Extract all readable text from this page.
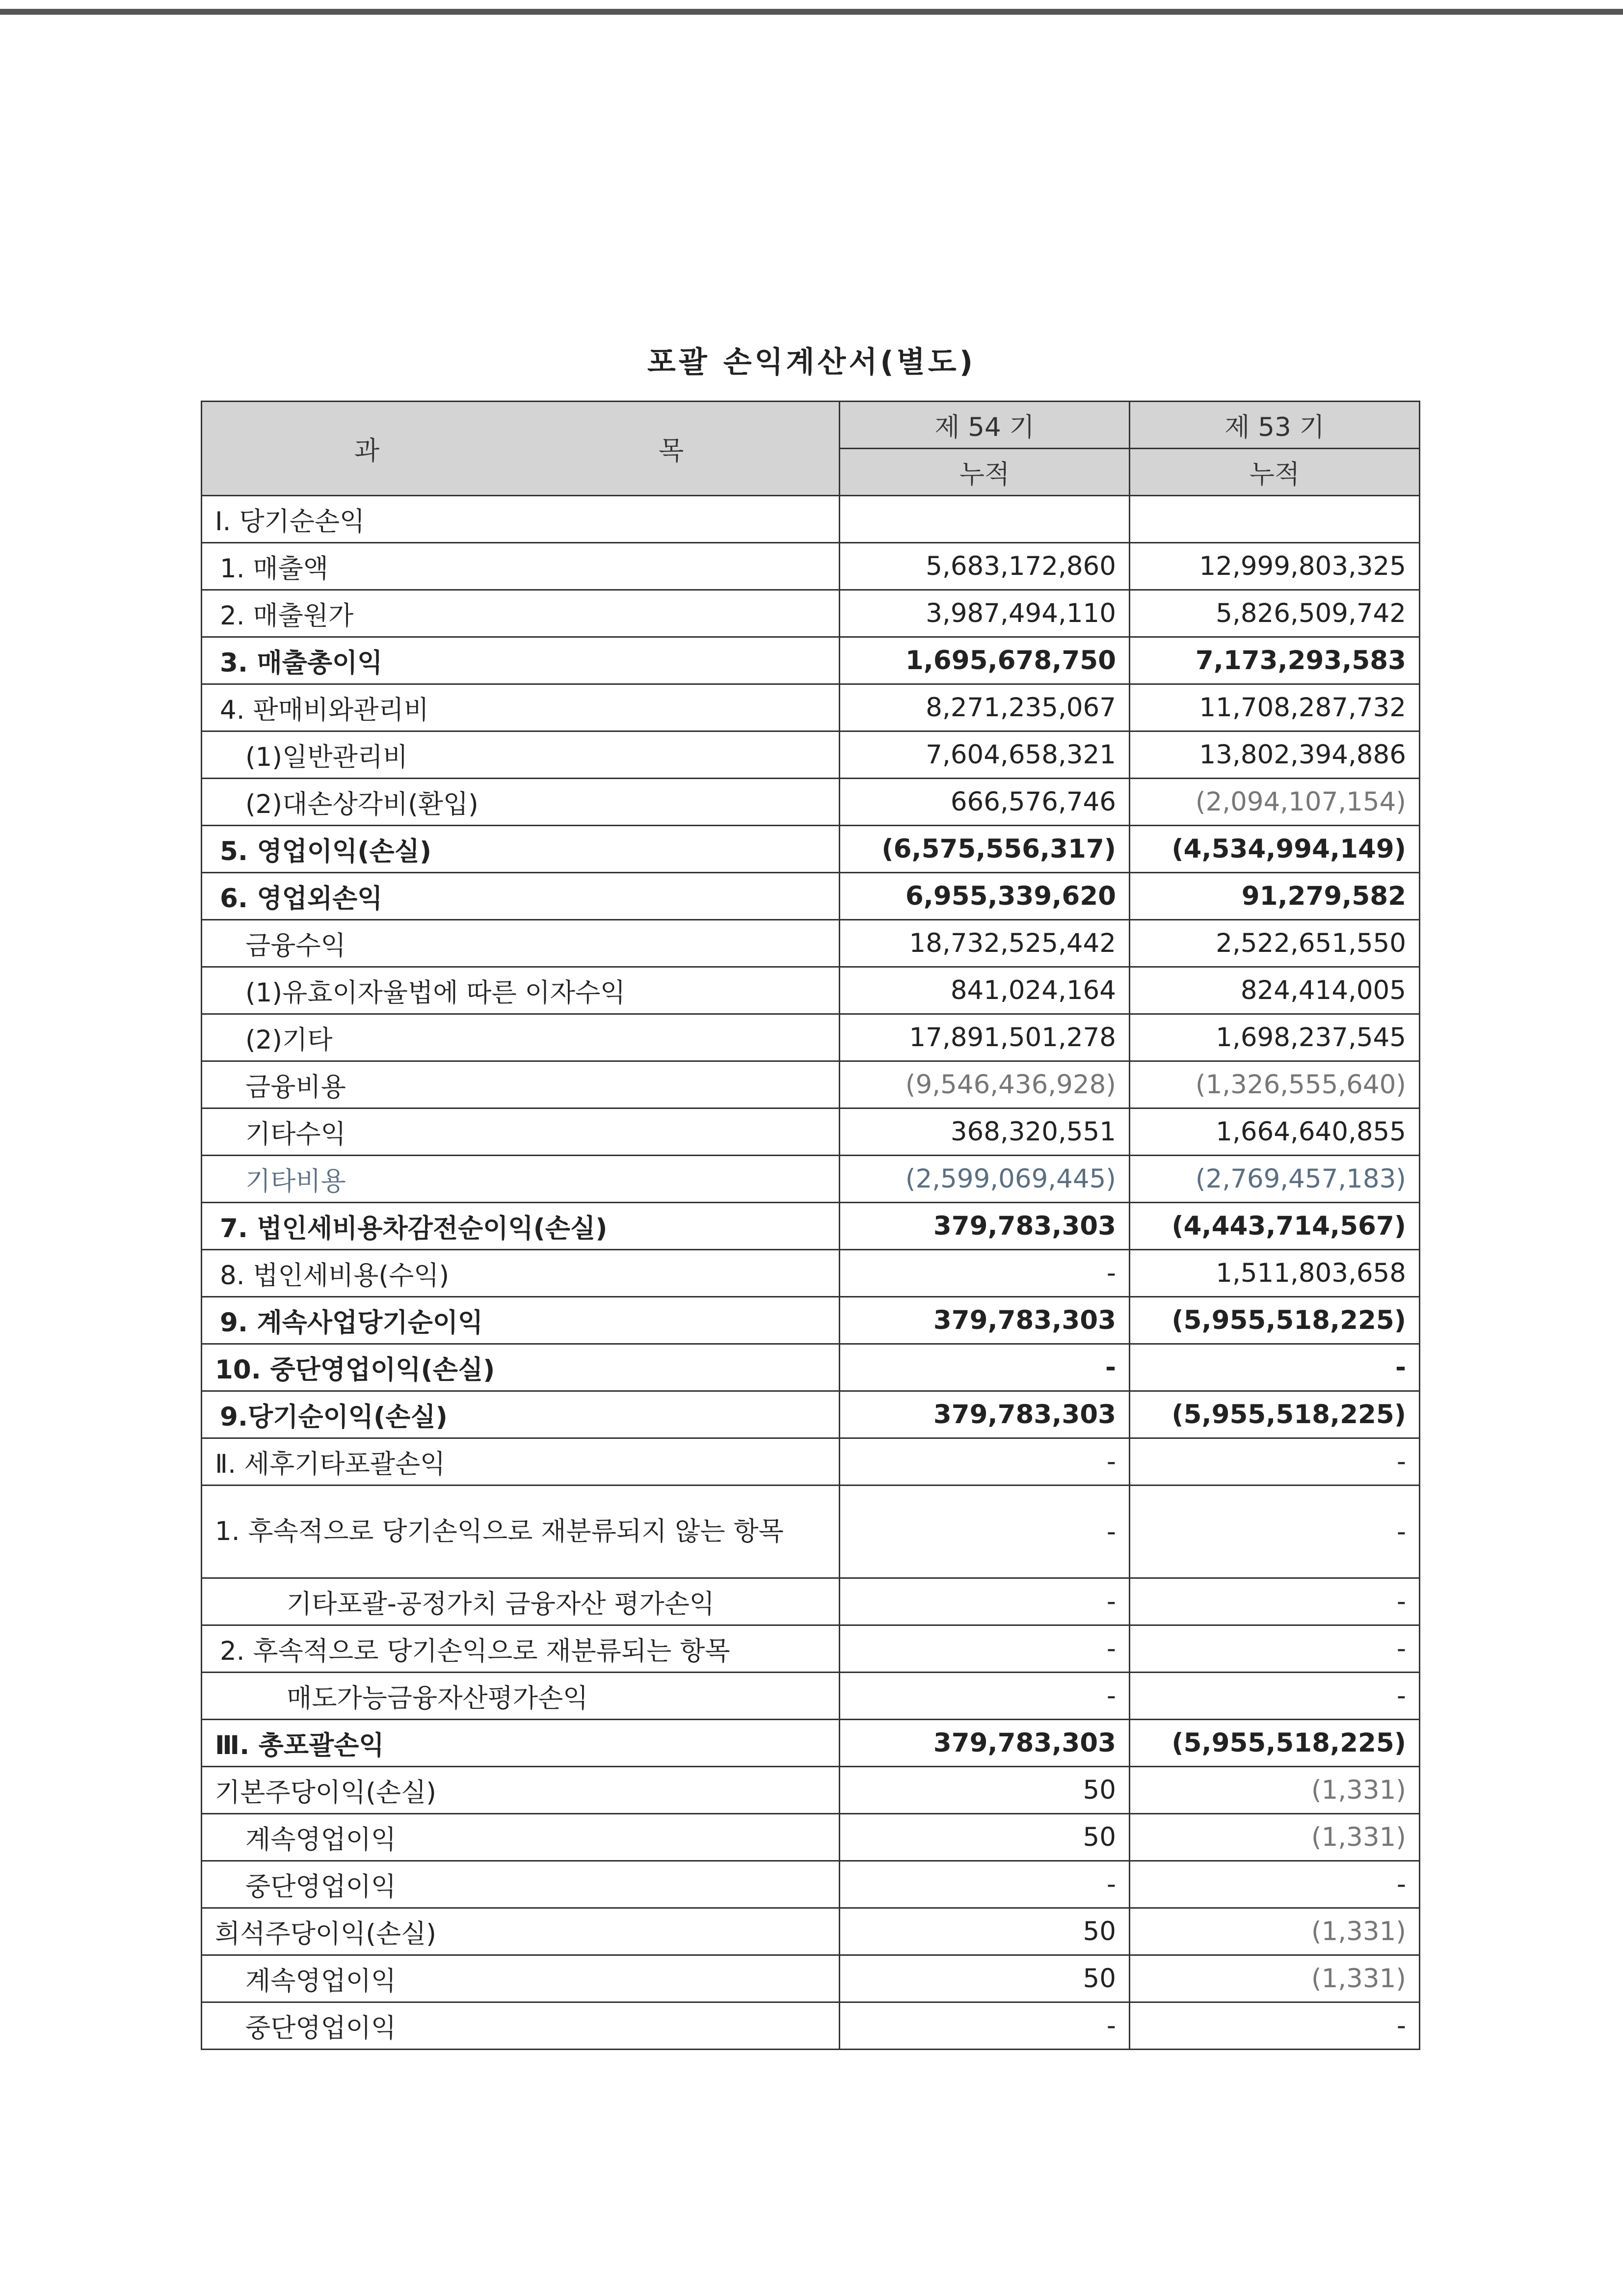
포괄 손익계산서(별도)
과 목	제 54 기	제 53 기
	누적	누적
Ⅰ. 당기순손익		
1. 매출액	5,683,172,860	12,999,803,325
2. 매출원가	3,987,494,110	5,826,509,742
3. 매출총이익	1,695,678,750	7,173,293,583
4. 판매비와관리비	8,271,235,067	11,708,287,732
(1)일반관리비	7,604,658,321	13,802,394,886
(2)대손상각비(환입)	666,576,746	(2,094,107,154)
5. 영업이익(손실)	(6,575,556,317)	(4,534,994,149)
6. 영업외손익	6,955,339,620	91,279,582
금융수익	18,732,525,442	2,522,651,550
(1)유효이자율법에 따른 이자수익	841,024,164	824,414,005
(2)기타	17,891,501,278	1,698,237,545
금융비용	(9,546,436,928)	(1,326,555,640)
기타수익	368,320,551	1,664,640,855
기타비용	(2,599,069,445)	(2,769,457,183)
7. 법인세비용차감전순이익(손실)	379,783,303	(4,443,714,567)
8. 법인세비용(수익)	-	1,511,803,658
9. 계속사업당기순이익	379,783,303	(5,955,518,225)
10. 중단영업이익(손실)	-	-
9.당기순이익(손실)	379,783,303	(5,955,518,225)
Ⅱ. 세후기타포괄손익	-	-
1. 후속적으로 당기손익으로 재분류되지 않는 항목	-	-
기타포괄-공정가치 금융자산 평가손익	-	-
2. 후속적으로 당기손익으로 재분류되는 항목	-	-
매도가능금융자산평가손익	-	-
Ⅲ. 총포괄손익	379,783,303	(5,955,518,225)
기본주당이익(손실)	50	(1,331)
계속영업이익	50	(1,331)
중단영업이익	-	-
희석주당이익(손실)	50	(1,331)
계속영업이익	50	(1,331)
중단영업이익	-	-
